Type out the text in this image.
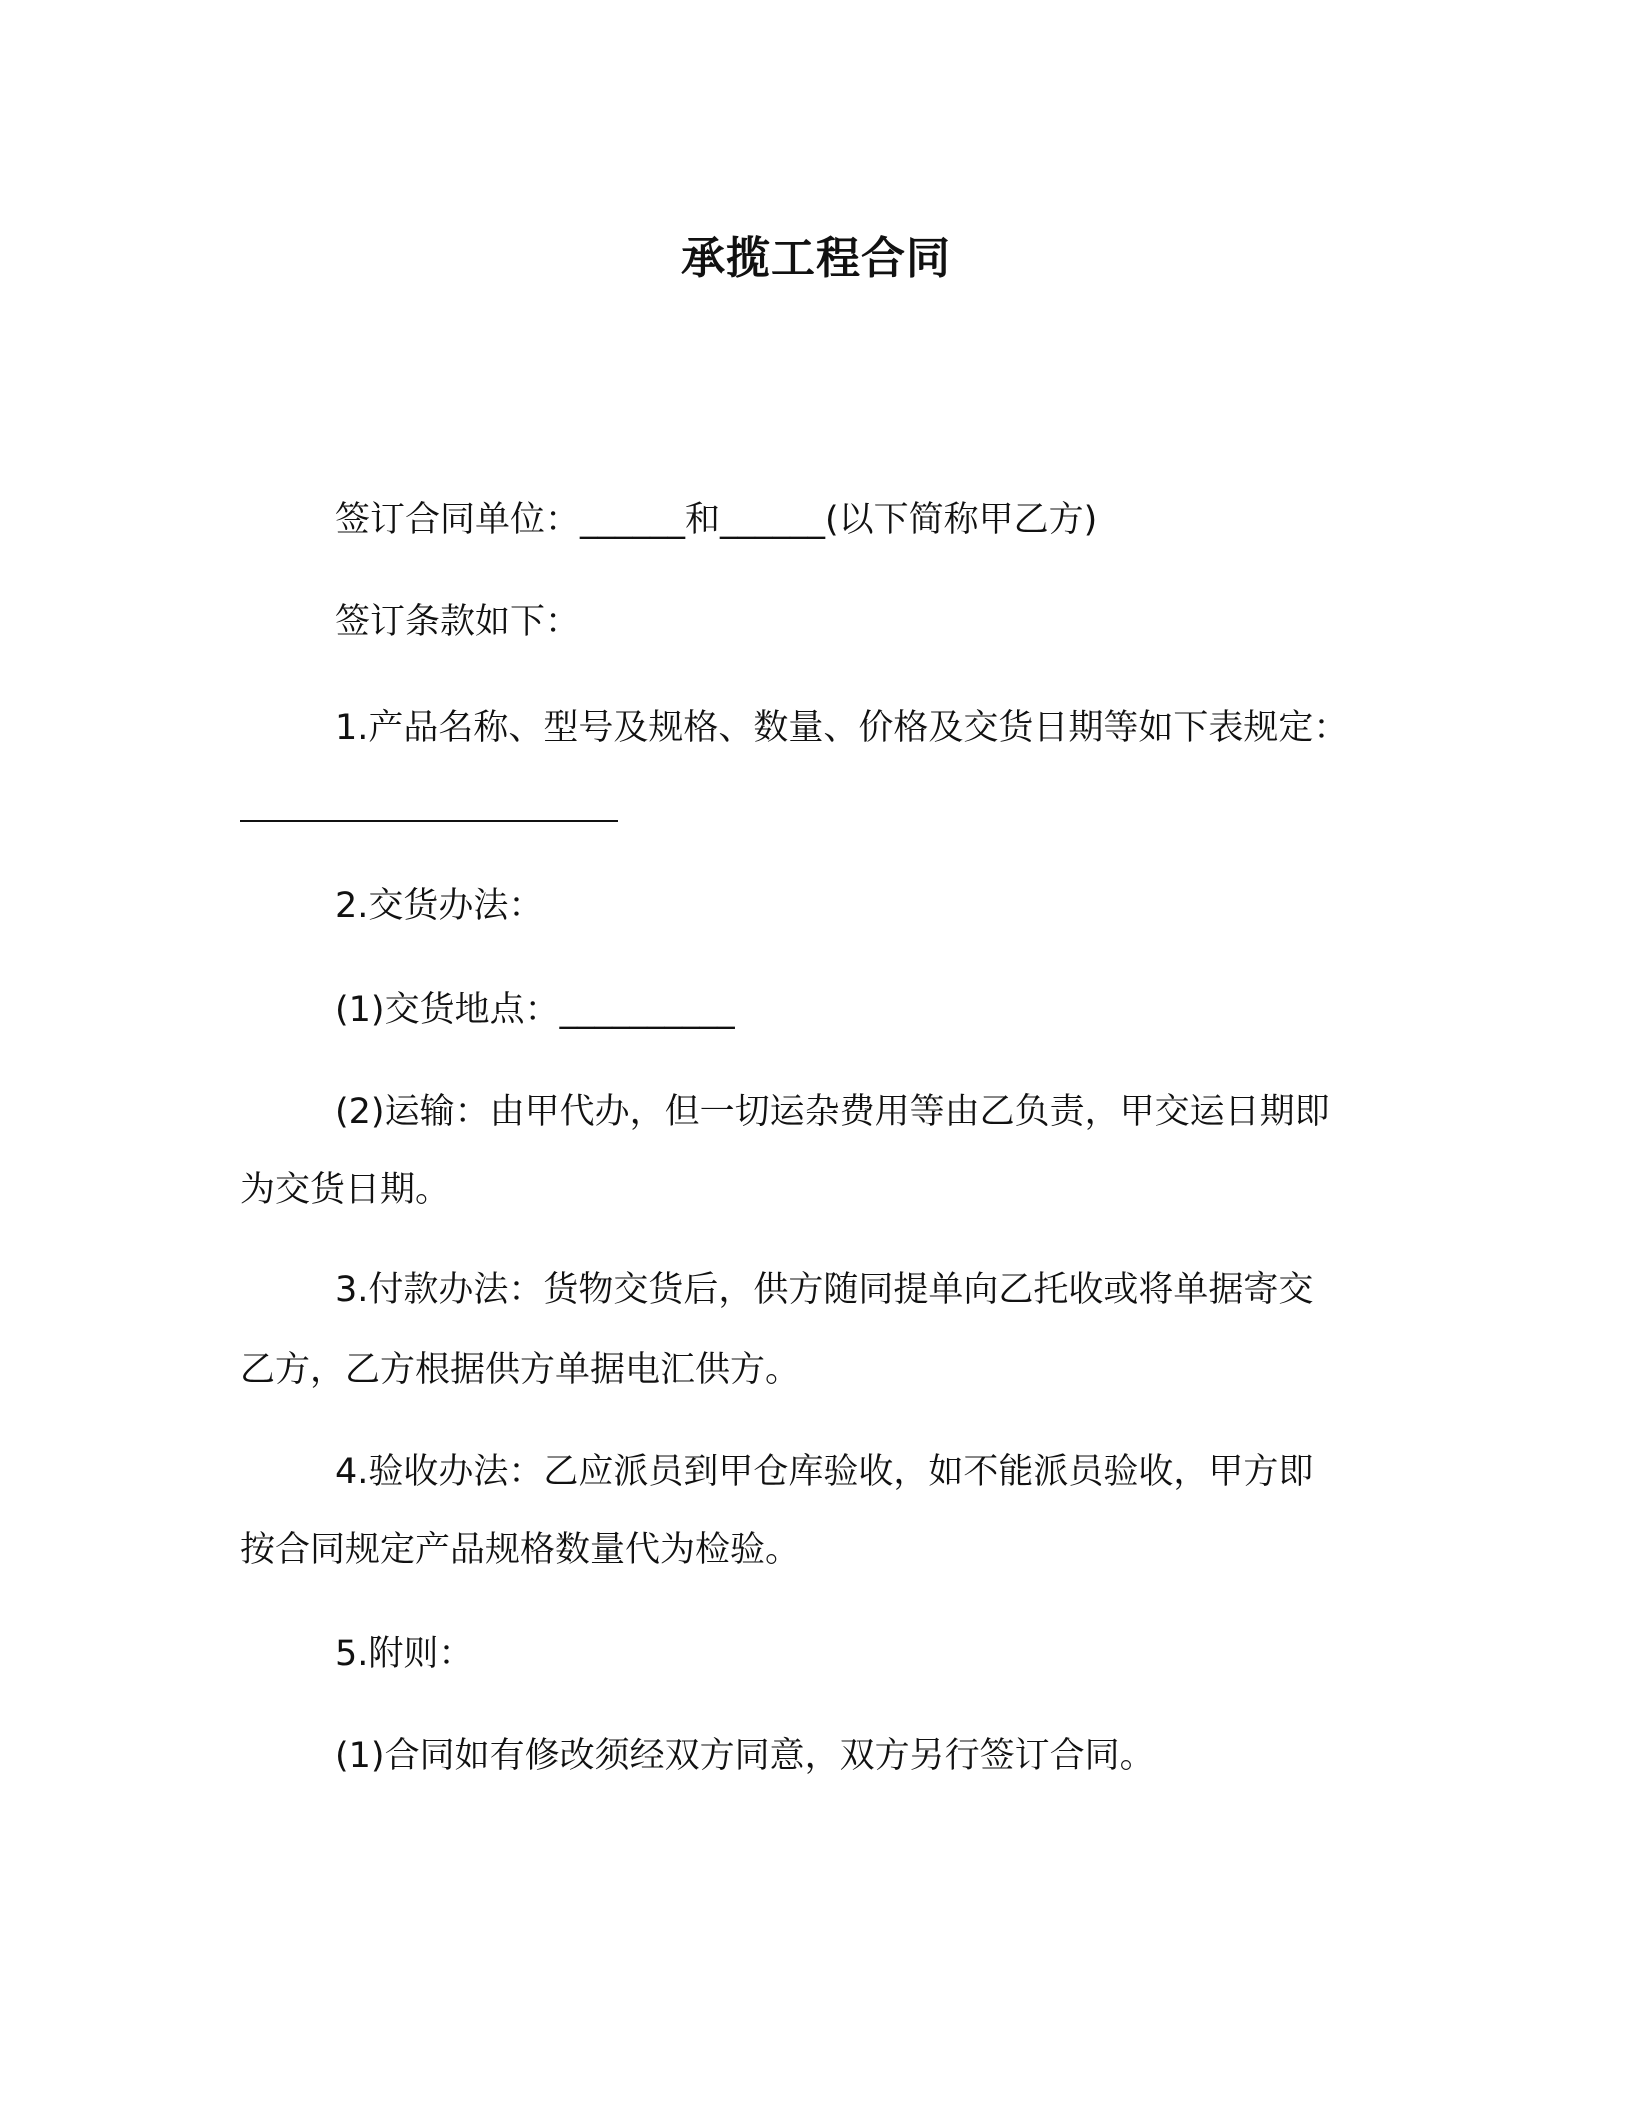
承揽工程合同
签订合同单位：______和______(以下简称甲乙方)
签订条款如下：
1.产品名称、型号及规格、数量、价格及交货日期等如下表规定：
2.交货办法：
(1)交货地点：__________
(2)运输：由甲代办，但一切运杂费用等由乙负责，甲交运日期即
为交货日期。
3.付款办法：货物交货后，供方随同提单向乙托收或将单据寄交
乙方，乙方根据供方单据电汇供方。
4.验收办法：乙应派员到甲仓库验收，如不能派员验收，甲方即
按合同规定产品规格数量代为检验。
5.附则：
(1)合同如有修改须经双方同意，双方另行签订合同。
